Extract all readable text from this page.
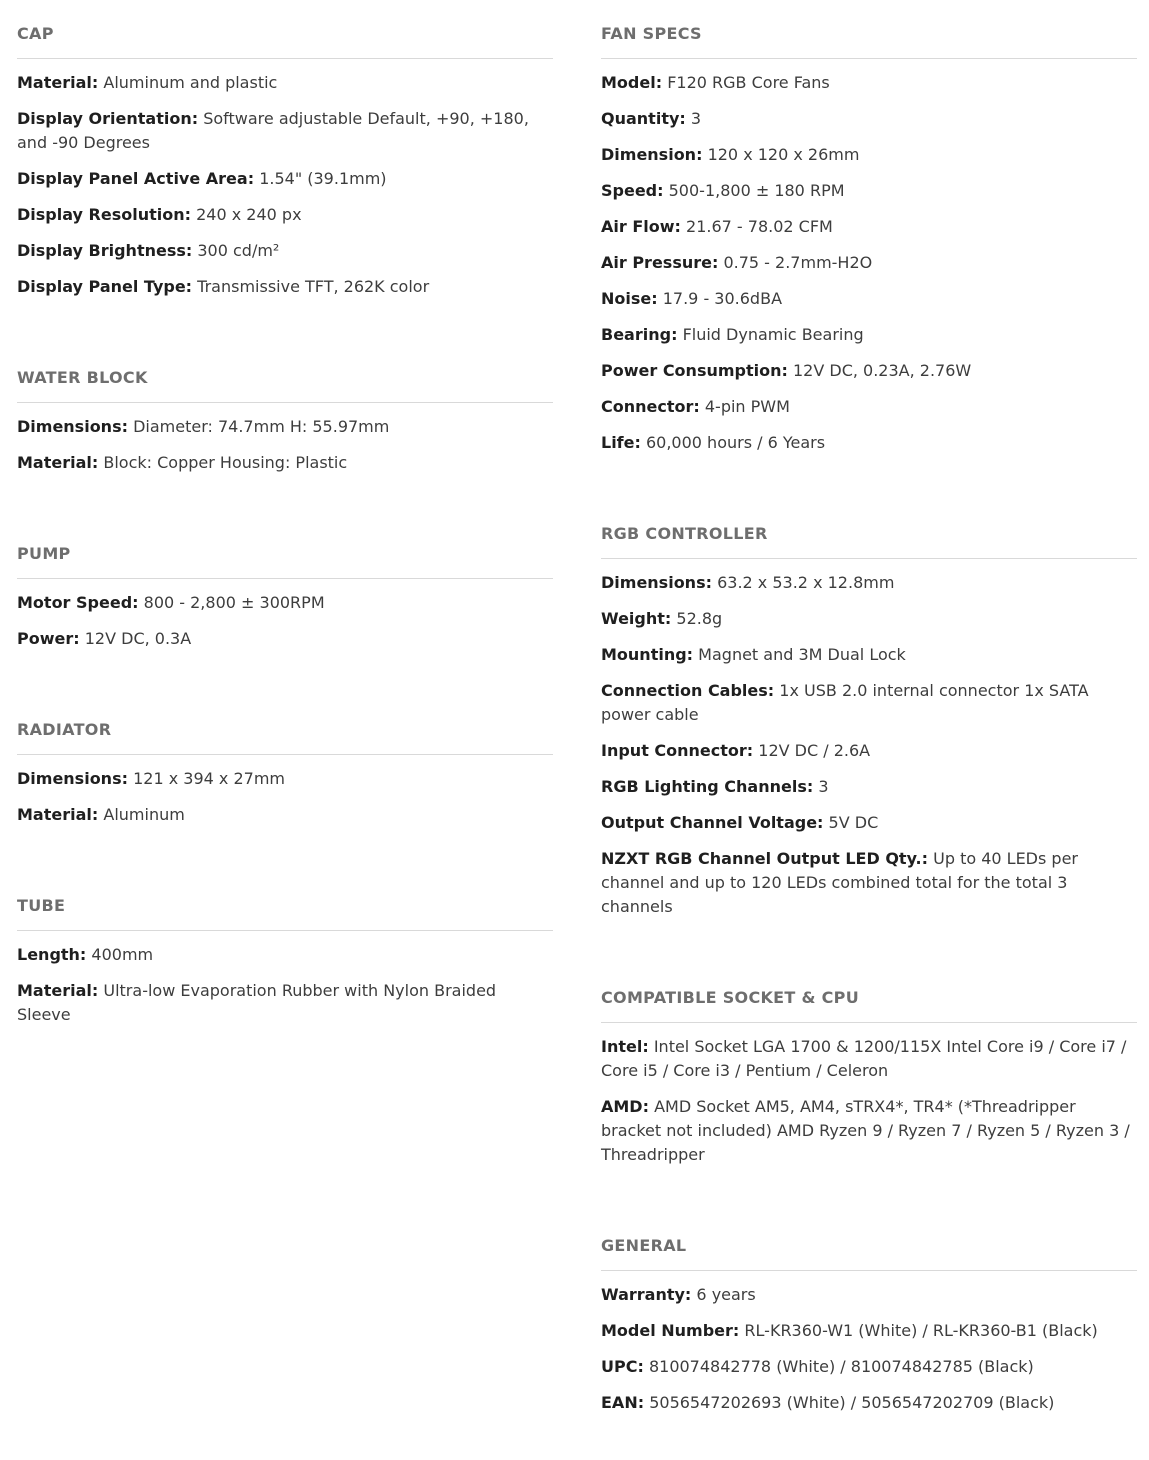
CAP
Material: Aluminum and plastic
Display Orientation: Software adjustable Default, +90, +180, and -90 Degrees
Display Panel Active Area: 1.54" (39.1mm)
Display Resolution: 240 x 240 px
Display Brightness: 300 cd/m²
Display Panel Type: Transmissive TFT, 262K color
WATER BLOCK
Dimensions: Diameter: 74.7mm H: 55.97mm
Material: Block: Copper Housing: Plastic
PUMP
Motor Speed: 800 - 2,800 ± 300RPM
Power: 12V DC, 0.3A
RADIATOR
Dimensions: 121 x 394 x 27mm
Material: Aluminum
TUBE
Length: 400mm
Material: Ultra-low Evaporation Rubber with Nylon Braided Sleeve
FAN SPECS
Model: F120 RGB Core Fans
Quantity: 3
Dimension: 120 x 120 x 26mm
Speed: 500-1,800 ± 180 RPM
Air Flow: 21.67 - 78.02 CFM
Air Pressure: 0.75 - 2.7mm-H2O
Noise: 17.9 - 30.6dBA
Bearing: Fluid Dynamic Bearing
Power Consumption: 12V DC, 0.23A, 2.76W
Connector: 4-pin PWM
Life: 60,000 hours / 6 Years
RGB CONTROLLER
Dimensions: 63.2 x 53.2 x 12.8mm
Weight: 52.8g
Mounting: Magnet and 3M Dual Lock
Connection Cables: 1x USB 2.0 internal connector 1x SATA power cable
Input Connector: 12V DC / 2.6A
RGB Lighting Channels: 3
Output Channel Voltage: 5V DC
NZXT RGB Channel Output LED Qty.: Up to 40 LEDs per channel and up to 120 LEDs combined total for the total 3 channels
COMPATIBLE SOCKET & CPU
Intel: Intel Socket LGA 1700 & 1200/115X Intel Core i9 / Core i7 / Core i5 / Core i3 / Pentium / Celeron
AMD: AMD Socket AM5, AM4, sTRX4*, TR4* (*Threadripper bracket not included) AMD Ryzen 9 / Ryzen 7 / Ryzen 5 / Ryzen 3 / Threadripper
GENERAL
Warranty: 6 years
Model Number: RL-KR360-W1 (White) / RL-KR360-B1 (Black)
UPC: 810074842778 (White) / 810074842785 (Black)
EAN: 5056547202693 (White) / 5056547202709 (Black)
